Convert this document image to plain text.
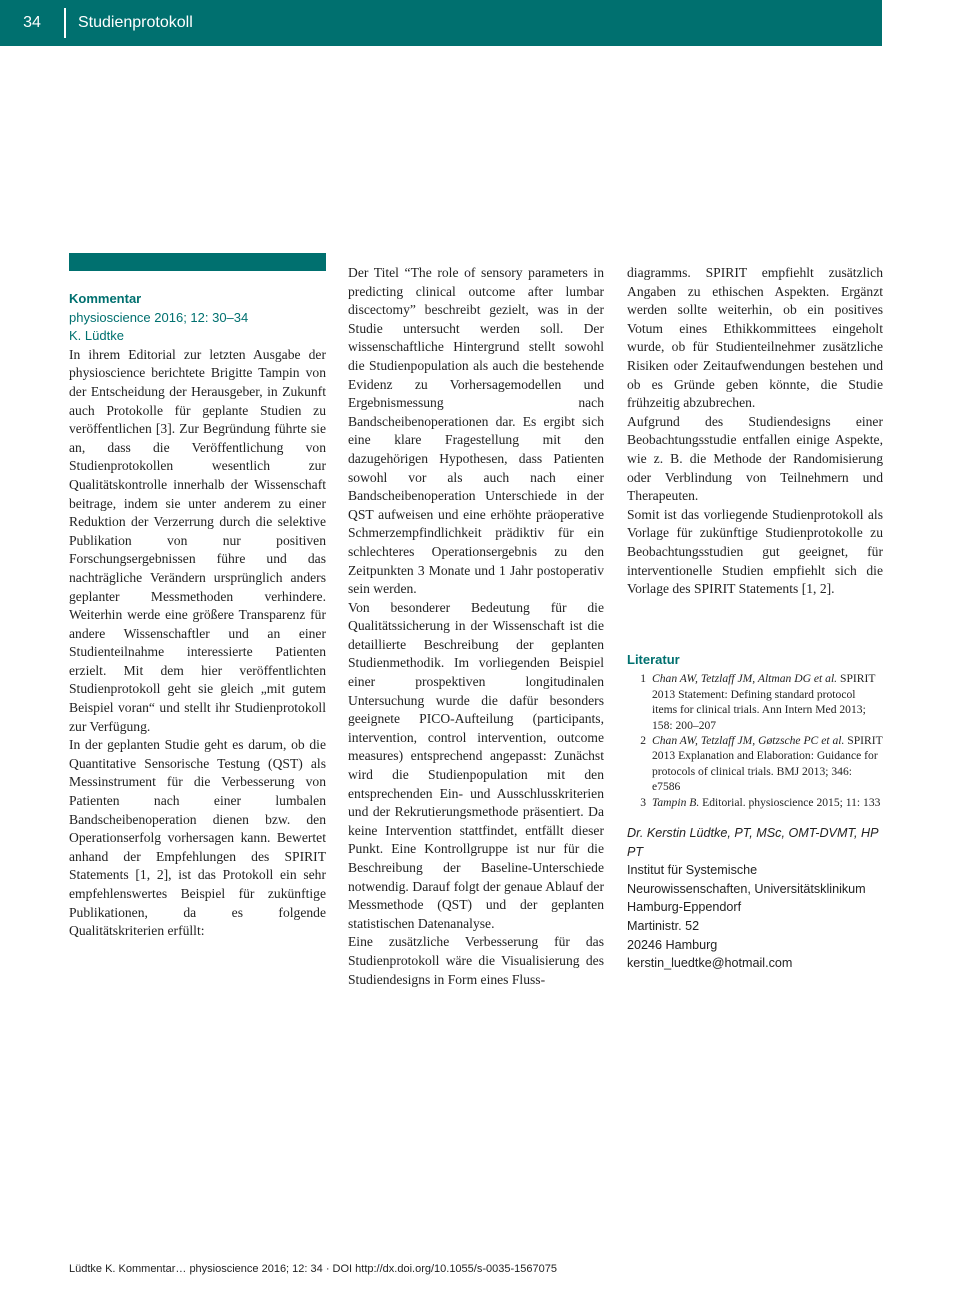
34	Studienprotokoll

Kommentar

physioscience 2016; 12: 30–34

K. Lüdtke

In ihrem Editorial zur letzten Ausgabe der physioscience berichtete Brigitte Tampin von der Entscheidung der Herausgeber, in Zukunft auch Protokolle für geplante Studien zu veröffentlichen [3]. Zur Begründung führte sie an, dass die Veröffentlichung von Studienprotokollen wesentlich zur Qualitätskontrolle innerhalb der Wissenschaft beitrage, indem sie unter anderem zu einer Reduktion der Verzerrung durch die selektive Publikation von nur positiven Forschungsergebnissen führe und das nachträgliche Verändern ursprünglich anders geplanter Messmethoden verhindere. Weiterhin werde eine größere Transparenz für andere Wissenschaftler und an einer Studienteilnahme interessierte Patienten erzielt. Mit dem hier veröffentlichten Studienprotokoll geht sie gleich „mit gutem Beispiel voran“ und stellt ihr Studienprotokoll zur Verfügung.

In der geplanten Studie geht es darum, ob die Quantitative Sensorische Testung (QST) als Messinstrument für die Verbesserung von Patienten nach einer lumbalen Bandscheibenoperation dienen bzw. den Operationserfolg vorhersagen kann. Bewertet anhand der Empfehlungen des SPIRIT Statements [1, 2], ist das Protokoll ein sehr empfehlenswertes Beispiel für zukünftige Publikationen, da es folgende Qualitätskriterien erfüllt:

Der Titel “The role of sensory parameters in predicting clinical outcome after lumbar discectomy” beschreibt gezielt, was in der Studie untersucht werden soll. Der wissenschaftliche Hintergrund stellt sowohl die Studienpopulation als auch die bestehende Evidenz zu Vorhersagemodellen und Ergebnismessung nach Bandscheibenoperationen dar. Es ergibt sich eine klare Fragestellung mit den dazugehörigen Hypothesen, dass Patienten sowohl vor als auch nach einer Bandscheibenoperation Unterschiede in der QST aufweisen und eine erhöhte präoperative Schmerzempfindlichkeit prädiktiv für ein schlechteres Operationsergebnis zu den Zeitpunkten 3 Monate und 1 Jahr postoperativ sein werden.

Von besonderer Bedeutung für die Qualitätssicherung in der Wissenschaft ist die detaillierte Beschreibung der geplanten Studienmethodik. Im vorliegenden Beispiel einer prospektiven longitudinalen Untersuchung wurde die dafür besonders geeignete PICO-Aufteilung (participants, intervention, control intervention, outcome measures) entsprechend angepasst: Zunächst wird die Studienpopulation mit den entsprechenden Ein- und Ausschlusskriterien und der Rekrutierungsmethode präsentiert. Da keine Intervention stattfindet, entfällt dieser Punkt. Eine Kontrollgruppe ist nur für die Beschreibung der Baseline-Unterschiede notwendig. Darauf folgt der genaue Ablauf der Messmethode (QST) und der geplanten statistischen Datenanalyse.

Eine zusätzliche Verbesserung für das Studienprotokoll wäre die Visualisierung des Studiendesigns in Form eines Fluss-

diagramms. SPIRIT empfiehlt zusätzlich Angaben zu ethischen Aspekten. Ergänzt werden sollte weiterhin, ob ein positives Votum eines Ethikkommittees eingeholt wurde, ob für Studienteilnehmer zusätzliche Risiken oder Zeitaufwendungen bestehen und ob es Gründe geben könnte, die Studie frühzeitig abzubrechen.

Aufgrund des Studiendesigns einer Beobachtungsstudie entfallen einige Aspekte, wie z. B. die Methode der Randomisierung oder Verblindung von Teilnehmern und Therapeuten.

Somit ist das vorliegende Studienprotokoll als Vorlage für zukünftige Studienprotokolle zu Beobachtungsstudien gut geeignet, für interventionelle Studien empfiehlt sich die Vorlage des SPIRIT Statements [1, 2].

Literatur
1 Chan AW, Tetzlaff JM, Altman DG et al. SPIRIT 2013 Statement: Defining standard protocol items for clinical trials. Ann Intern Med 2013; 158: 200–207
2 Chan AW, Tetzlaff JM, Gøtzsche PC et al. SPIRIT 2013 Explanation and Elaboration: Guidance for protocols of clinical trials. BMJ 2013; 346: e7586
3 Tampin B. Editorial. physioscience 2015; 11: 133
Dr. Kerstin Lüdtke, PT, MSc, OMT-DVMT, HP PT
Institut für Systemische Neurowissenschaften, Universitätsklinikum Hamburg-Eppendorf
Martinistr. 52
20246 Hamburg
kerstin_luedtke@hotmail.com
Lüdtke K. Kommentar… physioscience 2016; 12: 34 · DOI http://dx.doi.org/10.1055/s-0035-1567075
